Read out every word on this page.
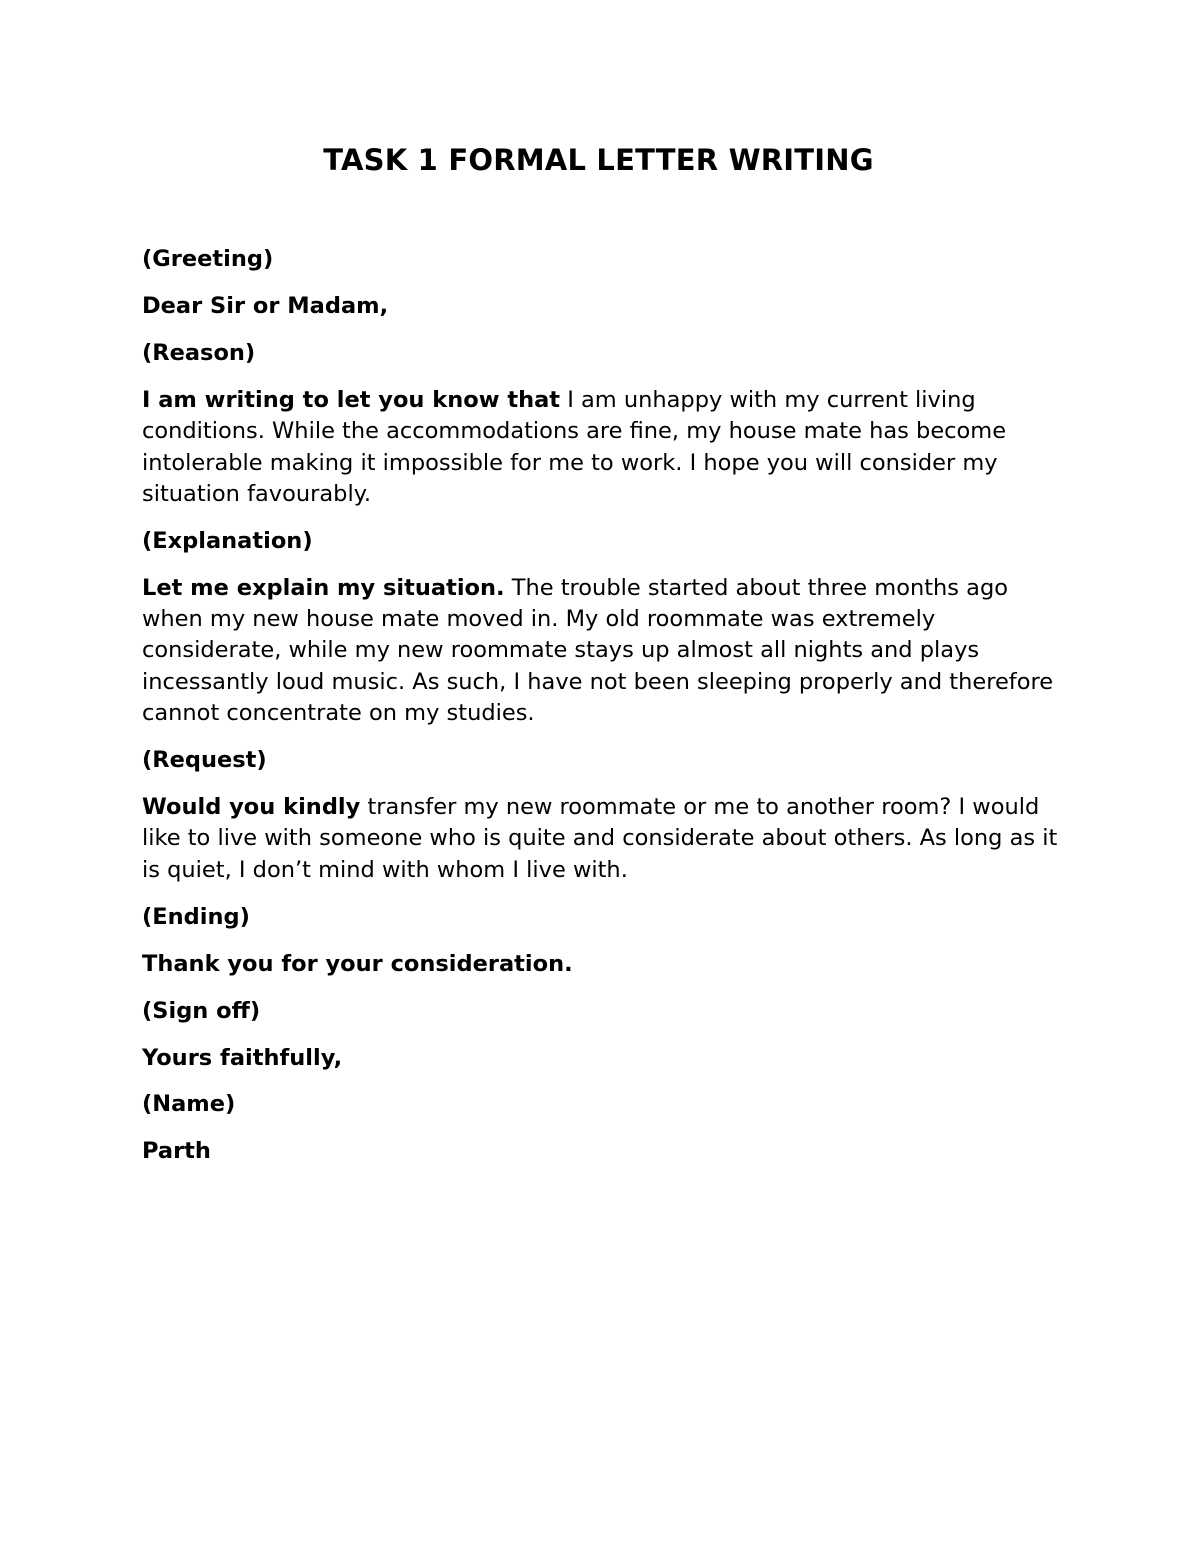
TASK 1 FORMAL LETTER WRITING

(Greeting)

Dear Sir or Madam,

(Reason)

I am writing to let you know that I am unhappy with my current living conditions. While the accommodations are fine, my house mate has become intolerable making it impossible for me to work. I hope you will consider my situation favourably.

(Explanation)

Let me explain my situation. The trouble started about three months ago when my new house mate moved in. My old roommate was extremely considerate, while my new roommate stays up almost all nights and plays incessantly loud music. As such, I have not been sleeping properly and therefore cannot concentrate on my studies.

(Request)

Would you kindly transfer my new roommate or me to another room? I would like to live with someone who is quite and considerate about others. As long as it is quiet, I don’t mind with whom I live with.

(Ending)

Thank you for your consideration.

(Sign off)

Yours faithfully,

(Name)

Parth
